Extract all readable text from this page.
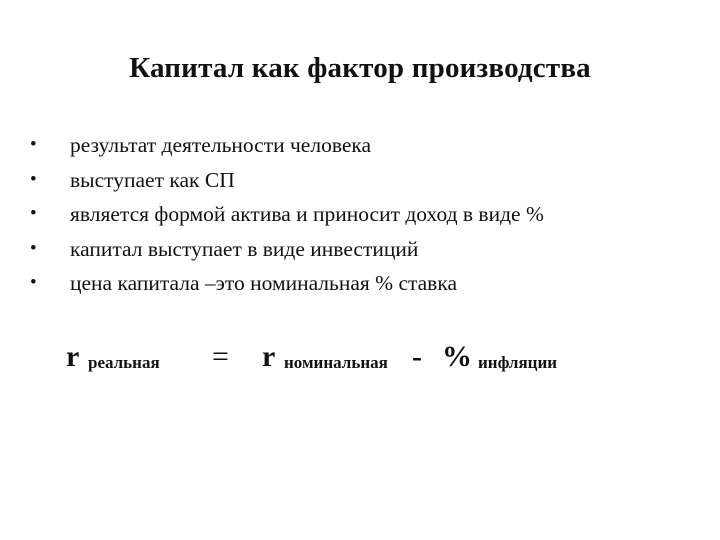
Капитал как фактор производства
•	результат деятельности человека
•	выступает как СП
•	является формой актива и приносит доход в виде %
•	капитал выступает в виде инвестиций
•	цена капитала –это номинальная % ставка
r реальная = r номинальная - % инфляции
